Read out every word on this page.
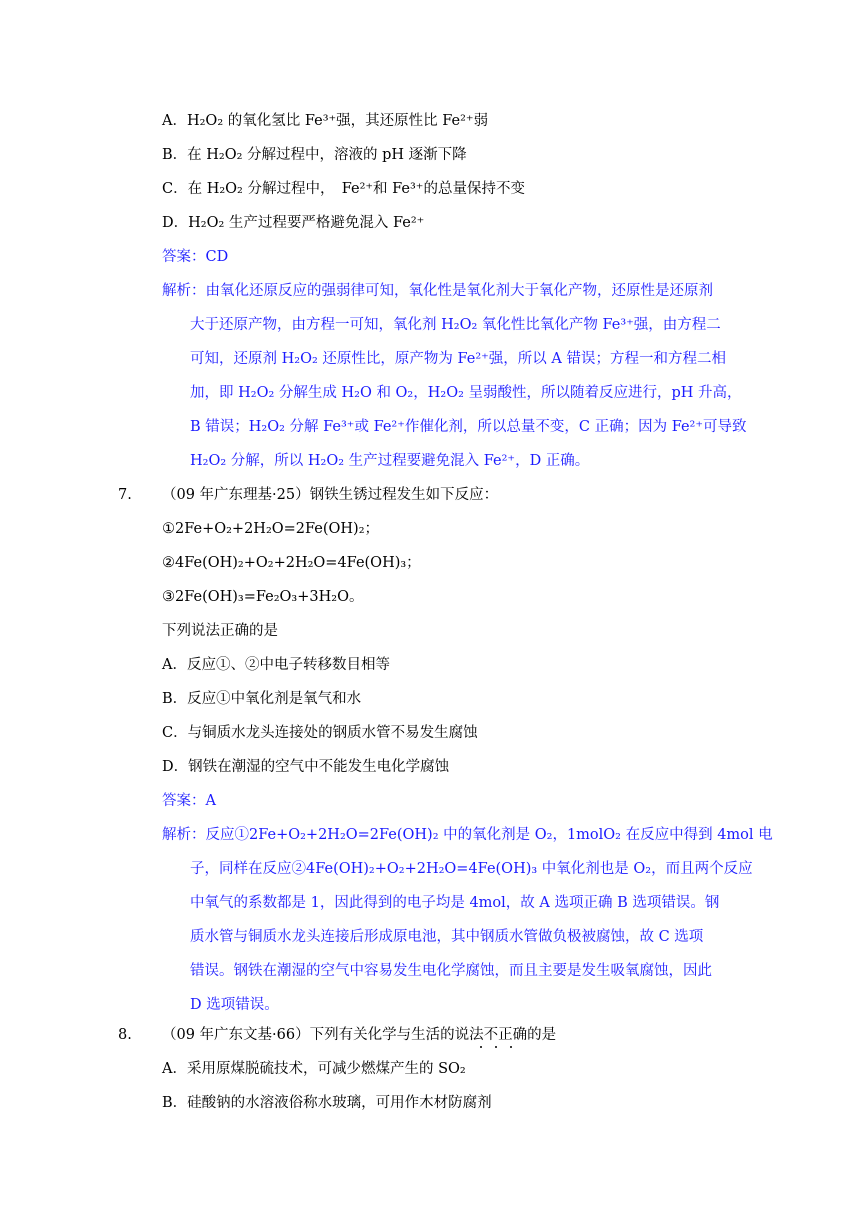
A．H₂O₂ 的氧化氢比 Fe³⁺强，其还原性比 Fe²⁺弱
B．在 H₂O₂ 分解过程中，溶液的 pH 逐渐下降
C．在 H₂O₂ 分解过程中，　Fe²⁺和 Fe³⁺的总量保持不变
D．H₂O₂ 生产过程要严格避免混入 Fe²⁺
答案：CD
解析：由氧化还原反应的强弱律可知，氧化性是氧化剂大于氧化产物，还原性是还原剂
大于还原产物，由方程一可知，氧化剂 H₂O₂ 氧化性比氧化产物 Fe³⁺强，由方程二
可知，还原剂 H₂O₂ 还原性比，原产物为 Fe²⁺强，所以 A 错误；方程一和方程二相
加，即 H₂O₂ 分解生成 H₂O 和 O₂，H₂O₂ 呈弱酸性，所以随着反应进行，pH 升高，
B 错误；H₂O₂ 分解 Fe³⁺或 Fe²⁺作催化剂，所以总量不变，C 正确；因为 Fe²⁺可导致
H₂O₂ 分解，所以 H₂O₂ 生产过程要避免混入 Fe²⁺，D 正确。
7. （09 年广东理基·25）钢铁生锈过程发生如下反应：
①2Fe+O₂+2H₂O=2Fe(OH)₂；
②4Fe(OH)₂+O₂+2H₂O=4Fe(OH)₃；
③2Fe(OH)₃=Fe₂O₃+3H₂O。
下列说法正确的是
A．反应①、②中电子转移数目相等
B．反应①中氧化剂是氧气和水
C．与铜质水龙头连接处的钢质水管不易发生腐蚀
D．钢铁在潮湿的空气中不能发生电化学腐蚀
答案：A
解析：反应①2Fe+O₂+2H₂O=2Fe(OH)₂ 中的氧化剂是 O₂，1molO₂ 在反应中得到 4mol 电
子，同样在反应②4Fe(OH)₂+O₂+2H₂O=4Fe(OH)₃ 中氧化剂也是 O₂，而且两个反应
中氧气的系数都是 1，因此得到的电子均是 4mol，故 A 选项正确 B 选项错误。钢
质水管与铜质水龙头连接后形成原电池，其中钢质水管做负极被腐蚀，故 C 选项
错误。钢铁在潮湿的空气中容易发生电化学腐蚀，而且主要是发生吸氧腐蚀，因此
D 选项错误。
8. （09 年广东文基·66）下列有关化学与生活的说法不正确的是
A．采用原煤脱硫技术，可减少燃煤产生的 SO₂
B．硅酸钠的水溶液俗称水玻璃，可用作木材防腐剂
